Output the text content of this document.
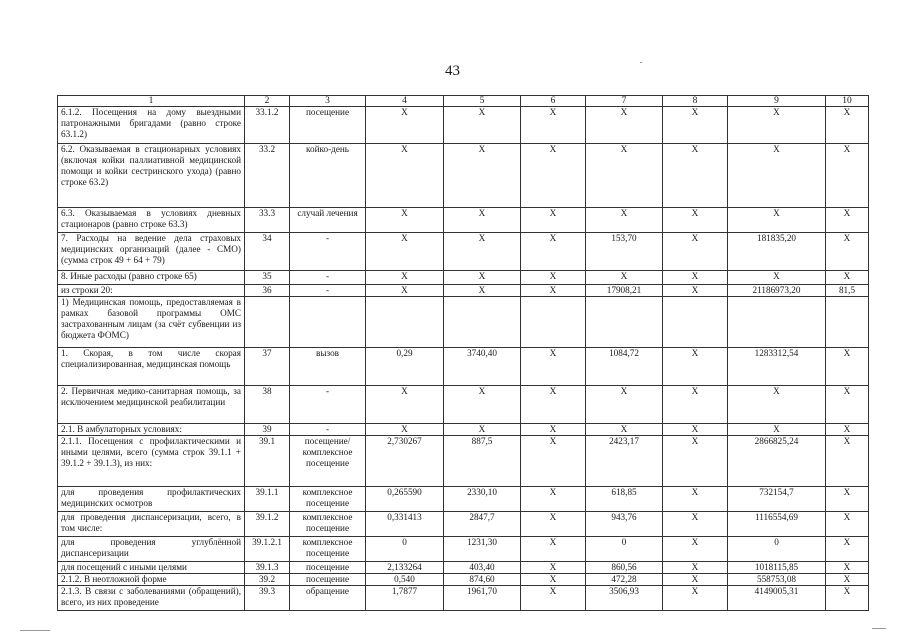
43
1	2	3	4	5	6	7	8	9	10
6.1.2. Посещения на дому выездными патронажными бригадами (равно строке 63.1.2)	33.1.2	посещение	X	X	X	X	X	X	X
6.2. Оказываемая в стационарных условиях (включая койки паллиативной медицинской помощи и койки сестринского ухода) (равно строке 63.2)	33.2	койко-день	X	X	X	X	X	X	X
6.3. Оказываемая в условиях дневных стационаров (равно строке 63.3)	33.3	случай лечения	X	X	X	X	X	X	X
7. Расходы на ведение дела страховых медицинских организаций (далее - СМО) (сумма строк 49 + 64 + 79)	34	-	X	X	X	153,70	X	181835,20	X
8. Иные расходы (равно строке 65)	35	-	X	X	X	X	X	X	X
из строки 20:	36	-	X	X	X	17908,21	X	21186973,20	81,5
1) Медицинская помощь, предоставляемая в рамках базовой программы ОМС застрахованным лицам (за счёт субвенции из бюджета ФОМС)									
1. Скорая, в том числе скорая специализированная, медицинская помощь	37	вызов	0,29	3740,40	X	1084,72	X	1283312,54	X
2. Первичная медико-санитарная помощь, за исключением медицинской реабилитации	38	-	X	X	X	X	X	X	X
2.1. В амбулаторных условиях:	39	-	X	X	X	X	X	X	X
2.1.1. Посещения с профилактическими и иными целями, всего (сумма строк 39.1.1 + 39.1.2 + 39.1.3), из них:	39.1	посещение/ комплексное посещение	2,730267	887,5	X	2423,17	X	2866825,24	X
для проведения профилактических медицинских осмотров	39.1.1	комплексное посещение	0,265590	2330,10	X	618,85	X	732154,7	X
для проведения диспансеризации, всего, в том числе:	39.1.2	комплексное посещение	0,331413	2847,7	X	943,76	X	1116554,69	X
для проведения углублённой диспансеризации	39.1.2.1	комплексное посещение	0	1231,30	X	0	X	0	X
для посещений с иными целями	39.1.3	посещение	2,133264	403,40	X	860,56	X	1018115,85	X
2.1.2. В неотложной форме	39.2	посещение	0,540	874,60	X	472,28	X	558753,08	X
2.1.3. В связи с заболеваниями (обращений), всего, из них проведение	39.3	обращение	1,7877	1961,70	X	3506,93	X	4149005,31	X
